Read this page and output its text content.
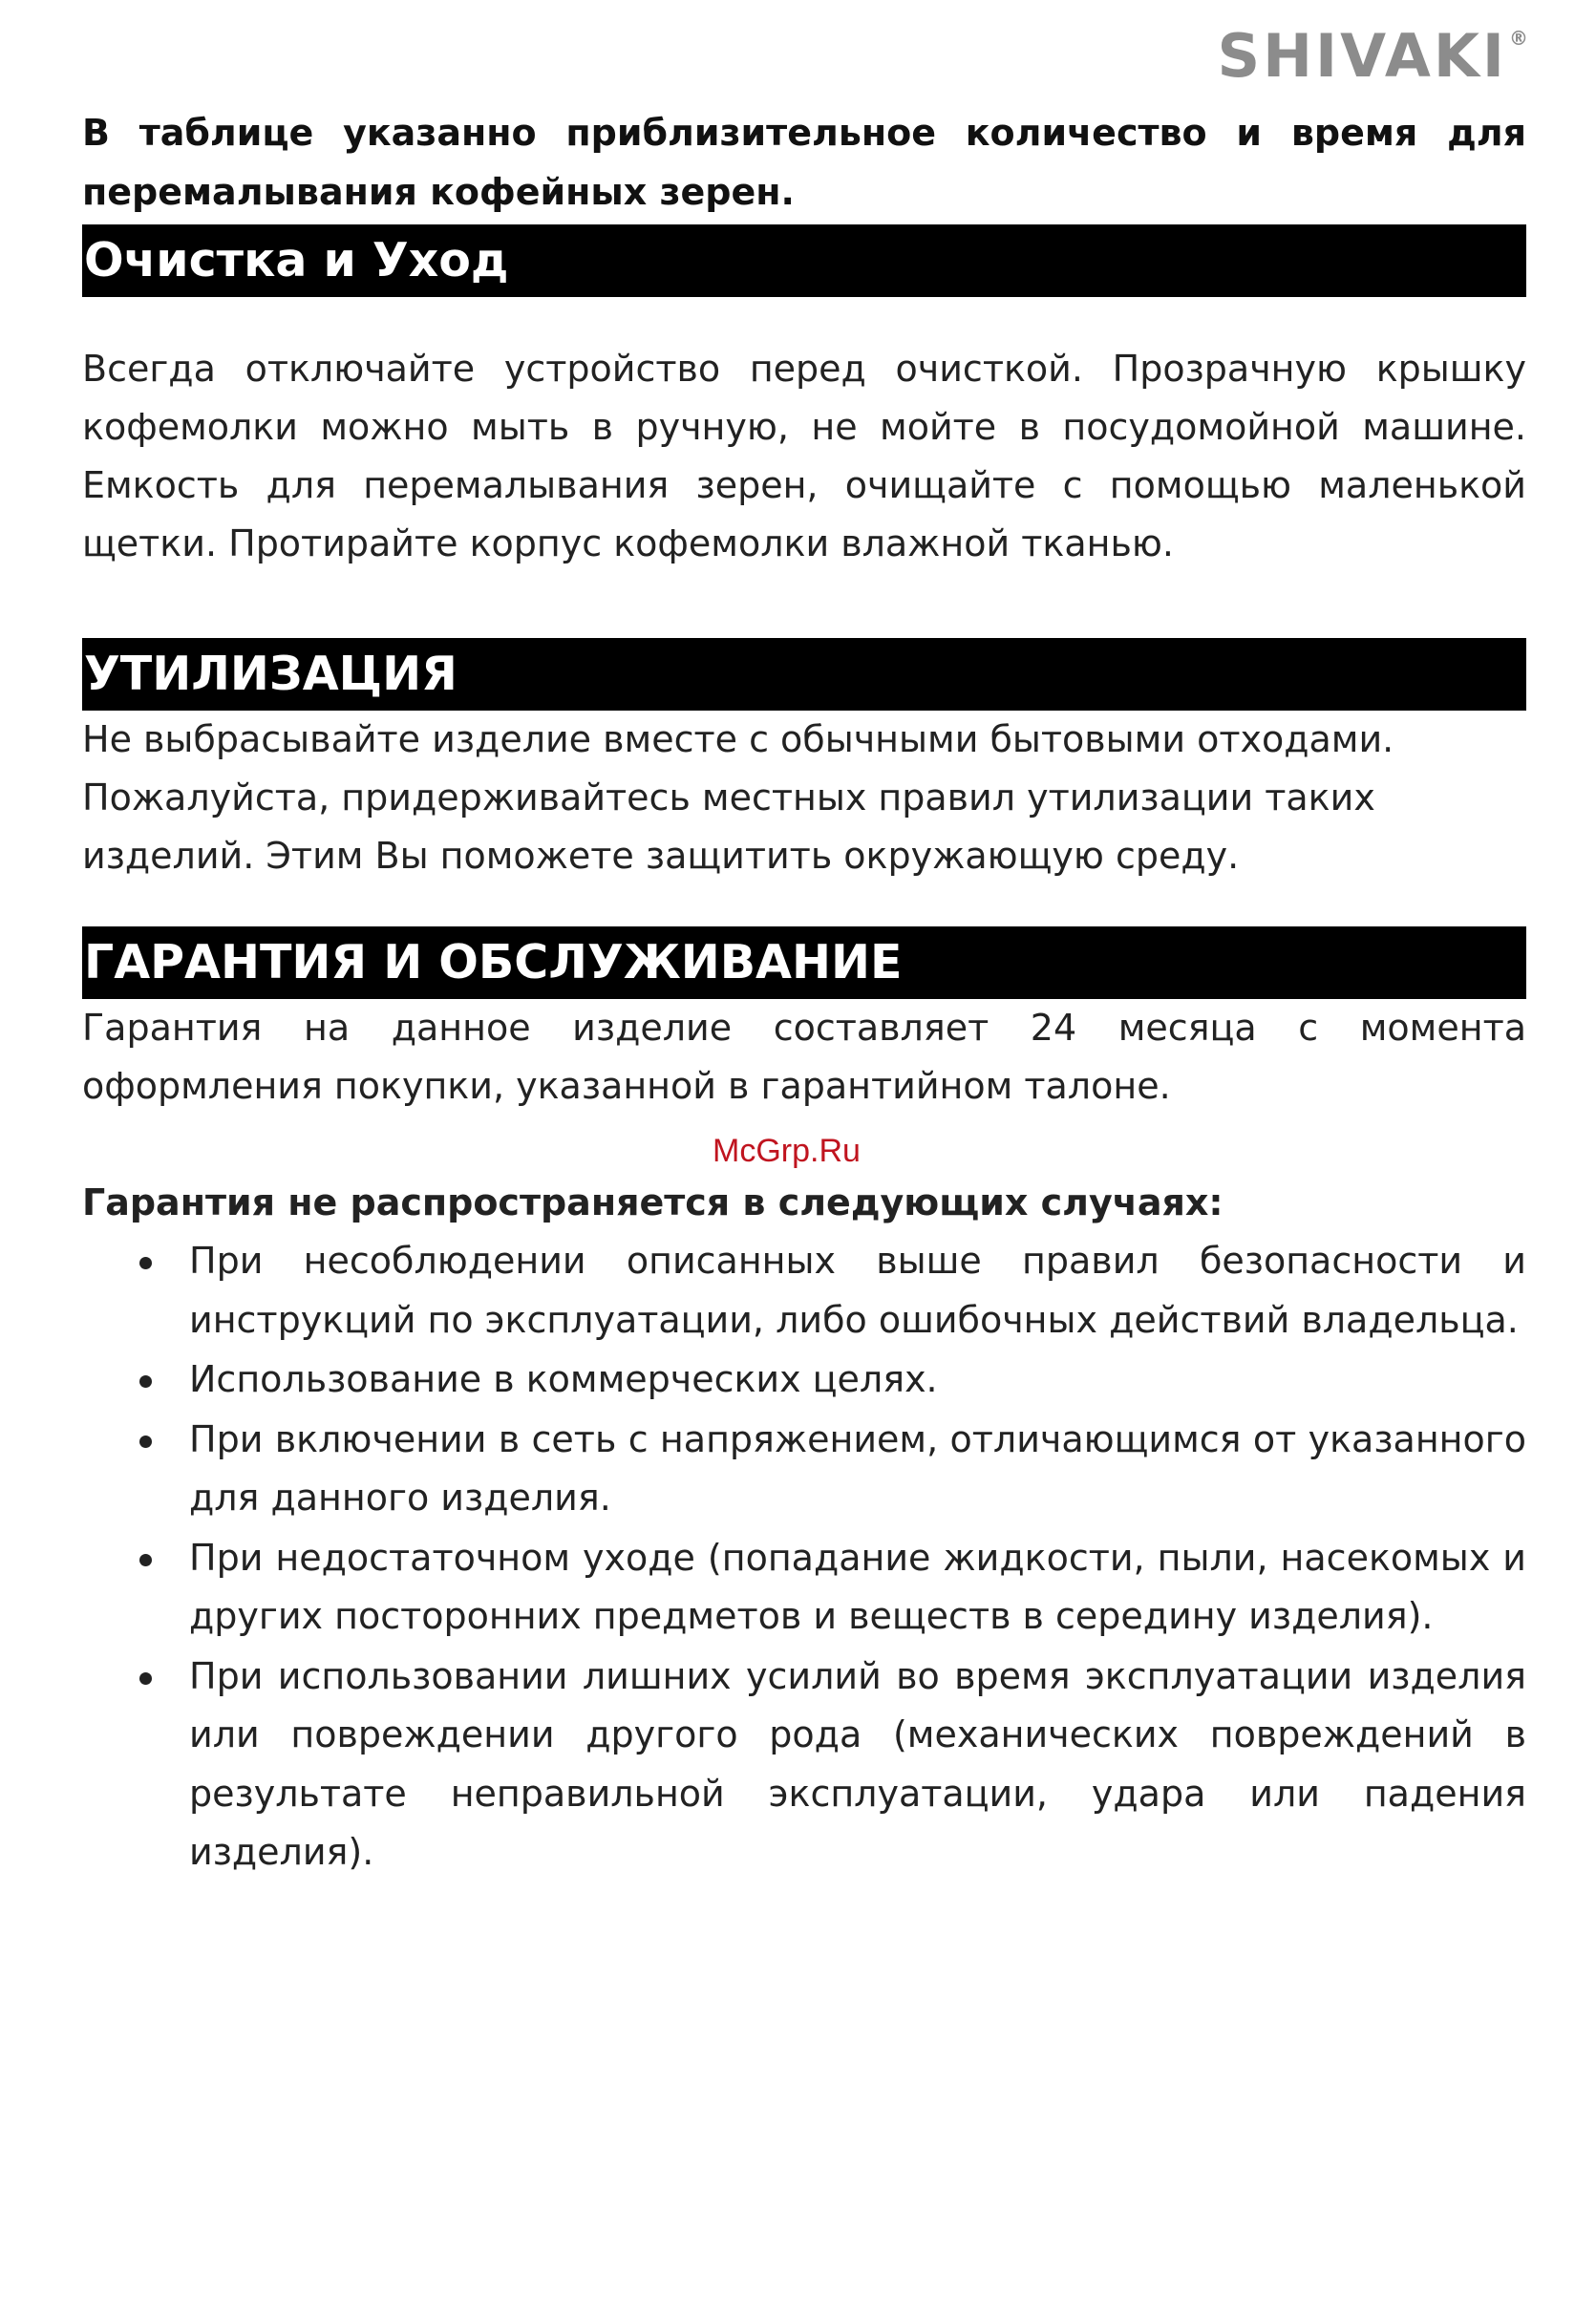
SHIVAKI ®

В таблице указанно приблизительное количество и время для перемалывания кофейных зерен.

Очистка и Уход

Всегда отключайте устройство перед очисткой. Прозрачную крышку кофемолки можно мыть в ручную, не мойте в посудомойной машине. Емкость для перемалывания зерен, очищайте с помощью маленькой щетки. Протирайте корпус кофемолки влажной тканью.

УТИЛИЗАЦИЯ

Не выбрасывайте изделие вместе с обычными бытовыми отходами.

Пожалуйста, придерживайтесь местных правил утилизации таких

изделий. Этим Вы поможете защитить окружающую среду.

ГАРАНТИЯ И ОБСЛУЖИВАНИЕ

Гарантия на данное изделие составляет 24 месяца с момента оформления покупки, указанной в гарантийном талоне.

Гарантия не распространяется в следующих случаях:

При несоблюдении описанных выше правил безопасности и инструкций по эксплуатации, либо ошибочных действий владельца.
Использование в коммерческих целях.
При включении в сеть с напряжением, отличающимся от указанного для данного изделия.
При недостаточном уходе (попадание жидкости, пыли, насекомых и других посторонних предметов и веществ в середину изделия).
При использовании лишних усилий во время эксплуатации изделия или повреждении другого рода (механических повреждений в результате неправильной эксплуатации, удара или падения изделия).
McGrp.Ru
